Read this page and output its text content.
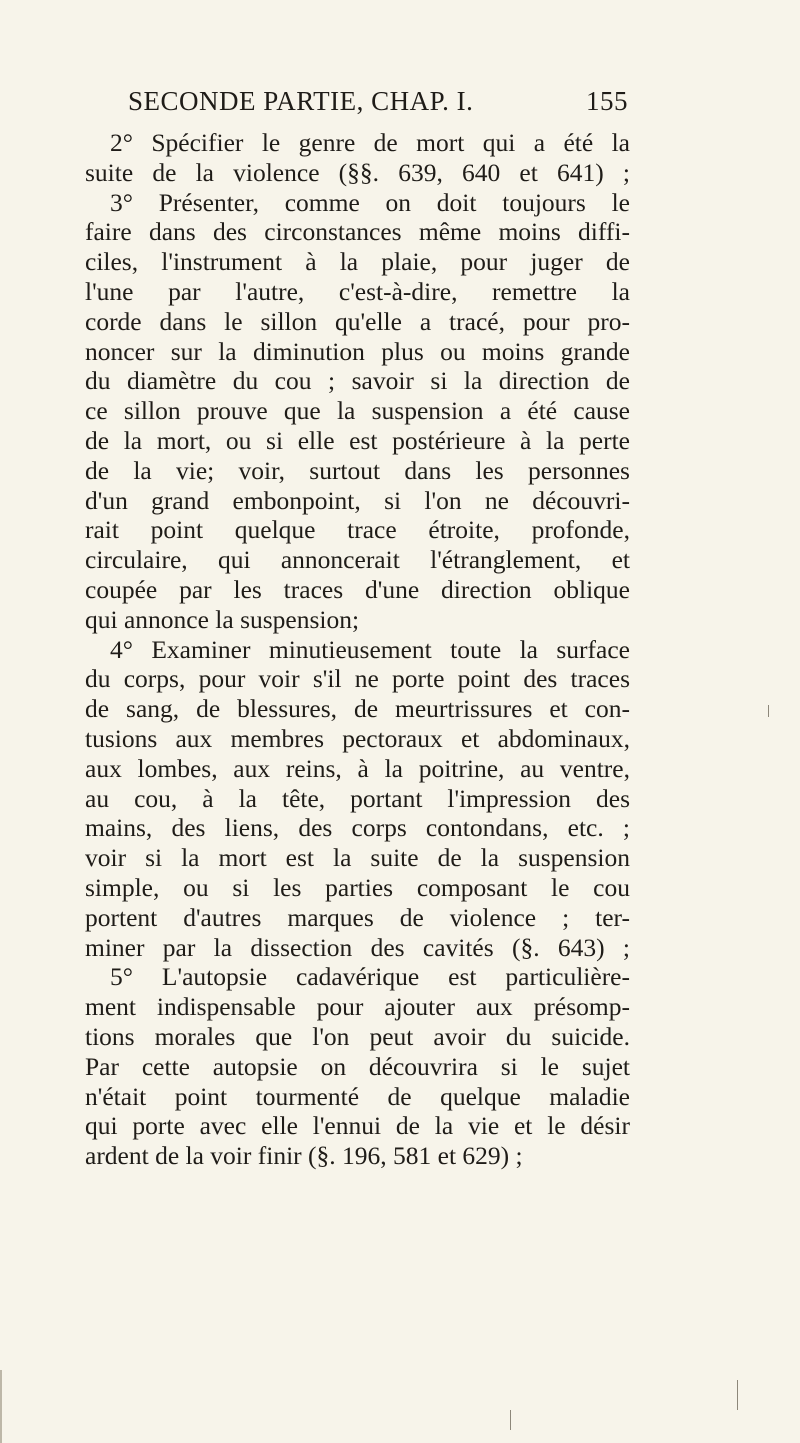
SECONDE PARTIE, CHAP. I.	155
2° Spécifier le genre de mort qui a été la
suite de la violence (§§. 639, 640 et 641) ;
3° Présenter, comme on doit toujours le
faire dans des circonstances même moins diffi-
ciles, l'instrument à la plaie, pour juger de
l'une par l'autre, c'est-à-dire, remettre la
corde dans le sillon qu'elle a tracé, pour pro-
noncer sur la diminution plus ou moins grande
du diamètre du cou ; savoir si la direction de
ce sillon prouve que la suspension a été cause
de la mort, ou si elle est postérieure à la perte
de la vie; voir, surtout dans les personnes
d'un grand embonpoint, si l'on ne découvri-
rait point quelque trace étroite, profonde,
circulaire, qui annoncerait l'étranglement, et
coupée par les traces d'une direction oblique
qui annonce la suspension;
4° Examiner minutieusement toute la surface
du corps, pour voir s'il ne porte point des traces
de sang, de blessures, de meurtrissures et con-
tusions aux membres pectoraux et abdominaux,
aux lombes, aux reins, à la poitrine, au ventre,
au cou, à la tête, portant l'impression des
mains, des liens, des corps contondans, etc. ;
voir si la mort est la suite de la suspension
simple, ou si les parties composant le cou
portent d'autres marques de violence ; ter-
miner par la dissection des cavités (§. 643) ;
5° L'autopsie cadavérique est particulière-
ment indispensable pour ajouter aux présomp-
tions morales que l'on peut avoir du suicide.
Par cette autopsie on découvrira si le sujet
n'était point tourmenté de quelque maladie
qui porte avec elle l'ennui de la vie et le désir
ardent de la voir finir (§. 196, 581 et 629) ;
